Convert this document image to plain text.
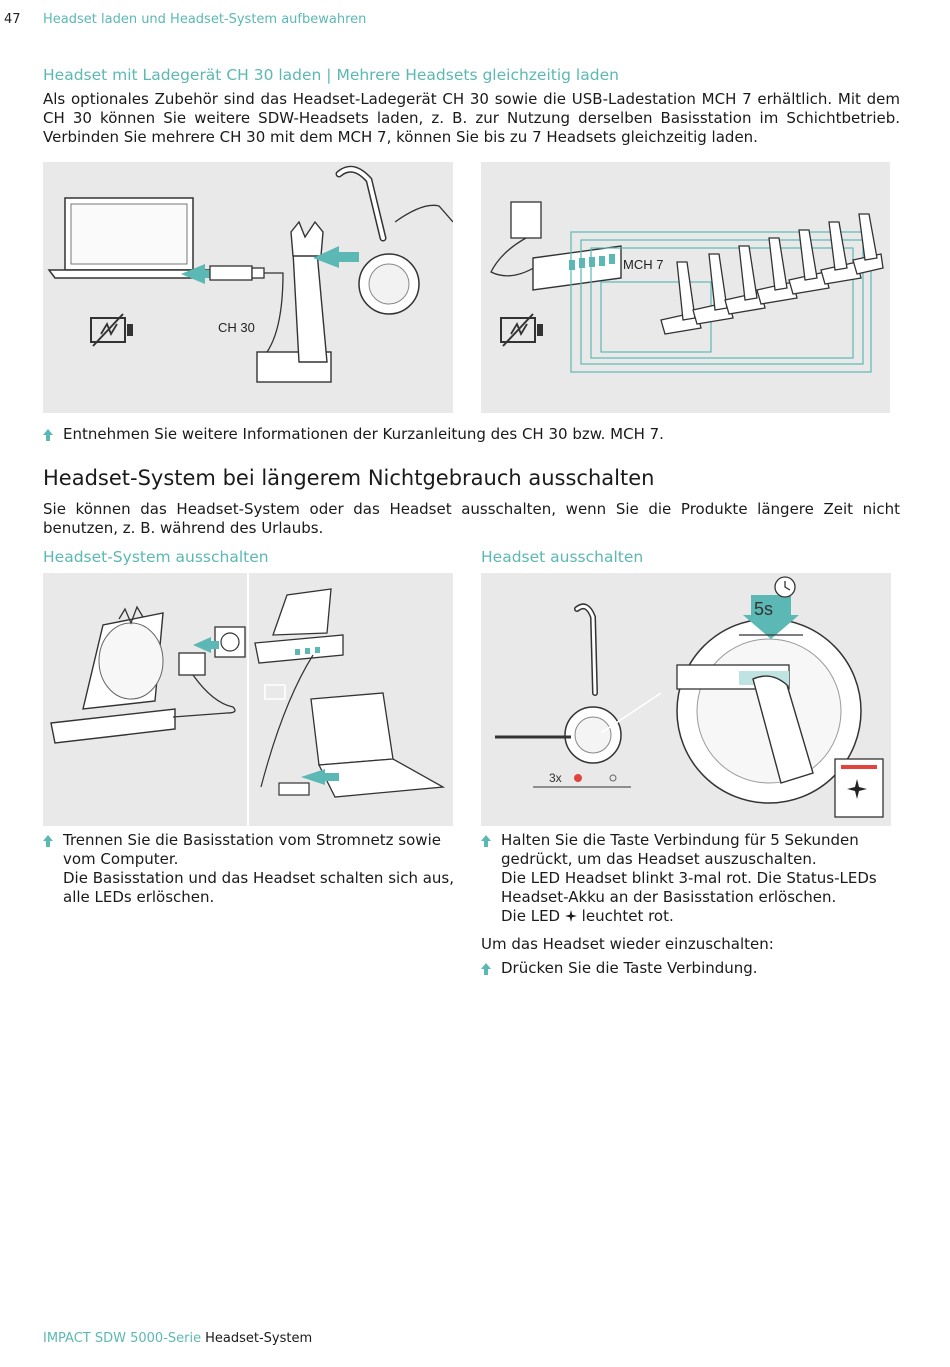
47 Headset laden und Headset-System aufbewahren
Headset mit Ladegerät CH 30 laden | Mehrere Headsets gleichzeitig laden
Als optionales Zubehör sind das Headset-Ladegerät CH 30 sowie die USB-Ladestation MCH 7 erhältlich. Mit dem CH 30 können Sie weitere SDW-Headsets laden, z. B. zur Nutzung derselben Basisstation im Schichtbetrieb. Verbinden Sie mehrere CH 30 mit dem MCH 7, können Sie bis zu 7 Headsets gleichzeitig laden.
CH 30
MCH 7
Entnehmen Sie weitere Informationen der Kurzanleitung des CH 30 bzw. MCH 7.
Headset-System bei längerem Nichtgebrauch ausschalten
Sie können das Headset-System oder das Headset ausschalten, wenn Sie die Produkte längere Zeit nicht benutzen, z. B. während des Urlaubs.
Headset-System ausschalten
Trennen Sie die Basisstation vom Stromnetz sowie vom Computer.
Die Basisstation und das Headset schalten sich aus, alle LEDs erlöschen.
Headset ausschalten
5s
3x
Halten Sie die Taste Verbindung für 5 Sekunden
gedrückt, um das Headset auszuschalten.
Die LED Headset blinkt 3-mal rot. Die Status-LEDs
Headset-Akku an der Basisstation erlöschen.
Die LED leuchtet rot.
Um das Headset wieder einzuschalten:
Drücken Sie die Taste Verbindung.
IMPACT SDW 5000-Serie Headset-System
